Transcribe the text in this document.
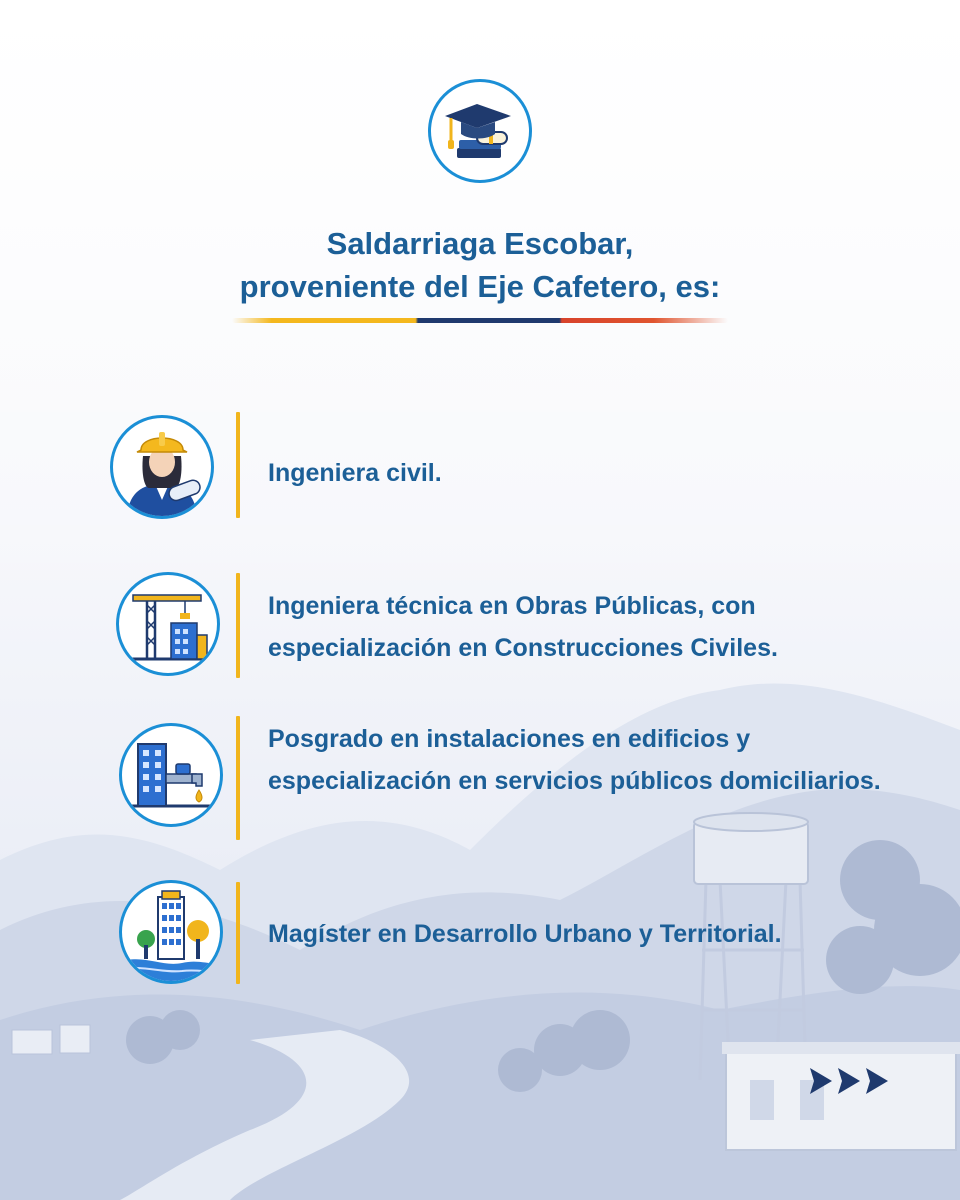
Saldarriaga Escobar,
proveniente del Eje Cafetero, es:
Ingeniera civil.
Ingeniera técnica en Obras Públicas, con especialización en Construcciones Civiles.
Posgrado en instalaciones en edificios y especialización en servicios públicos domiciliarios.
Magíster en Desarrollo Urbano y Territorial.
